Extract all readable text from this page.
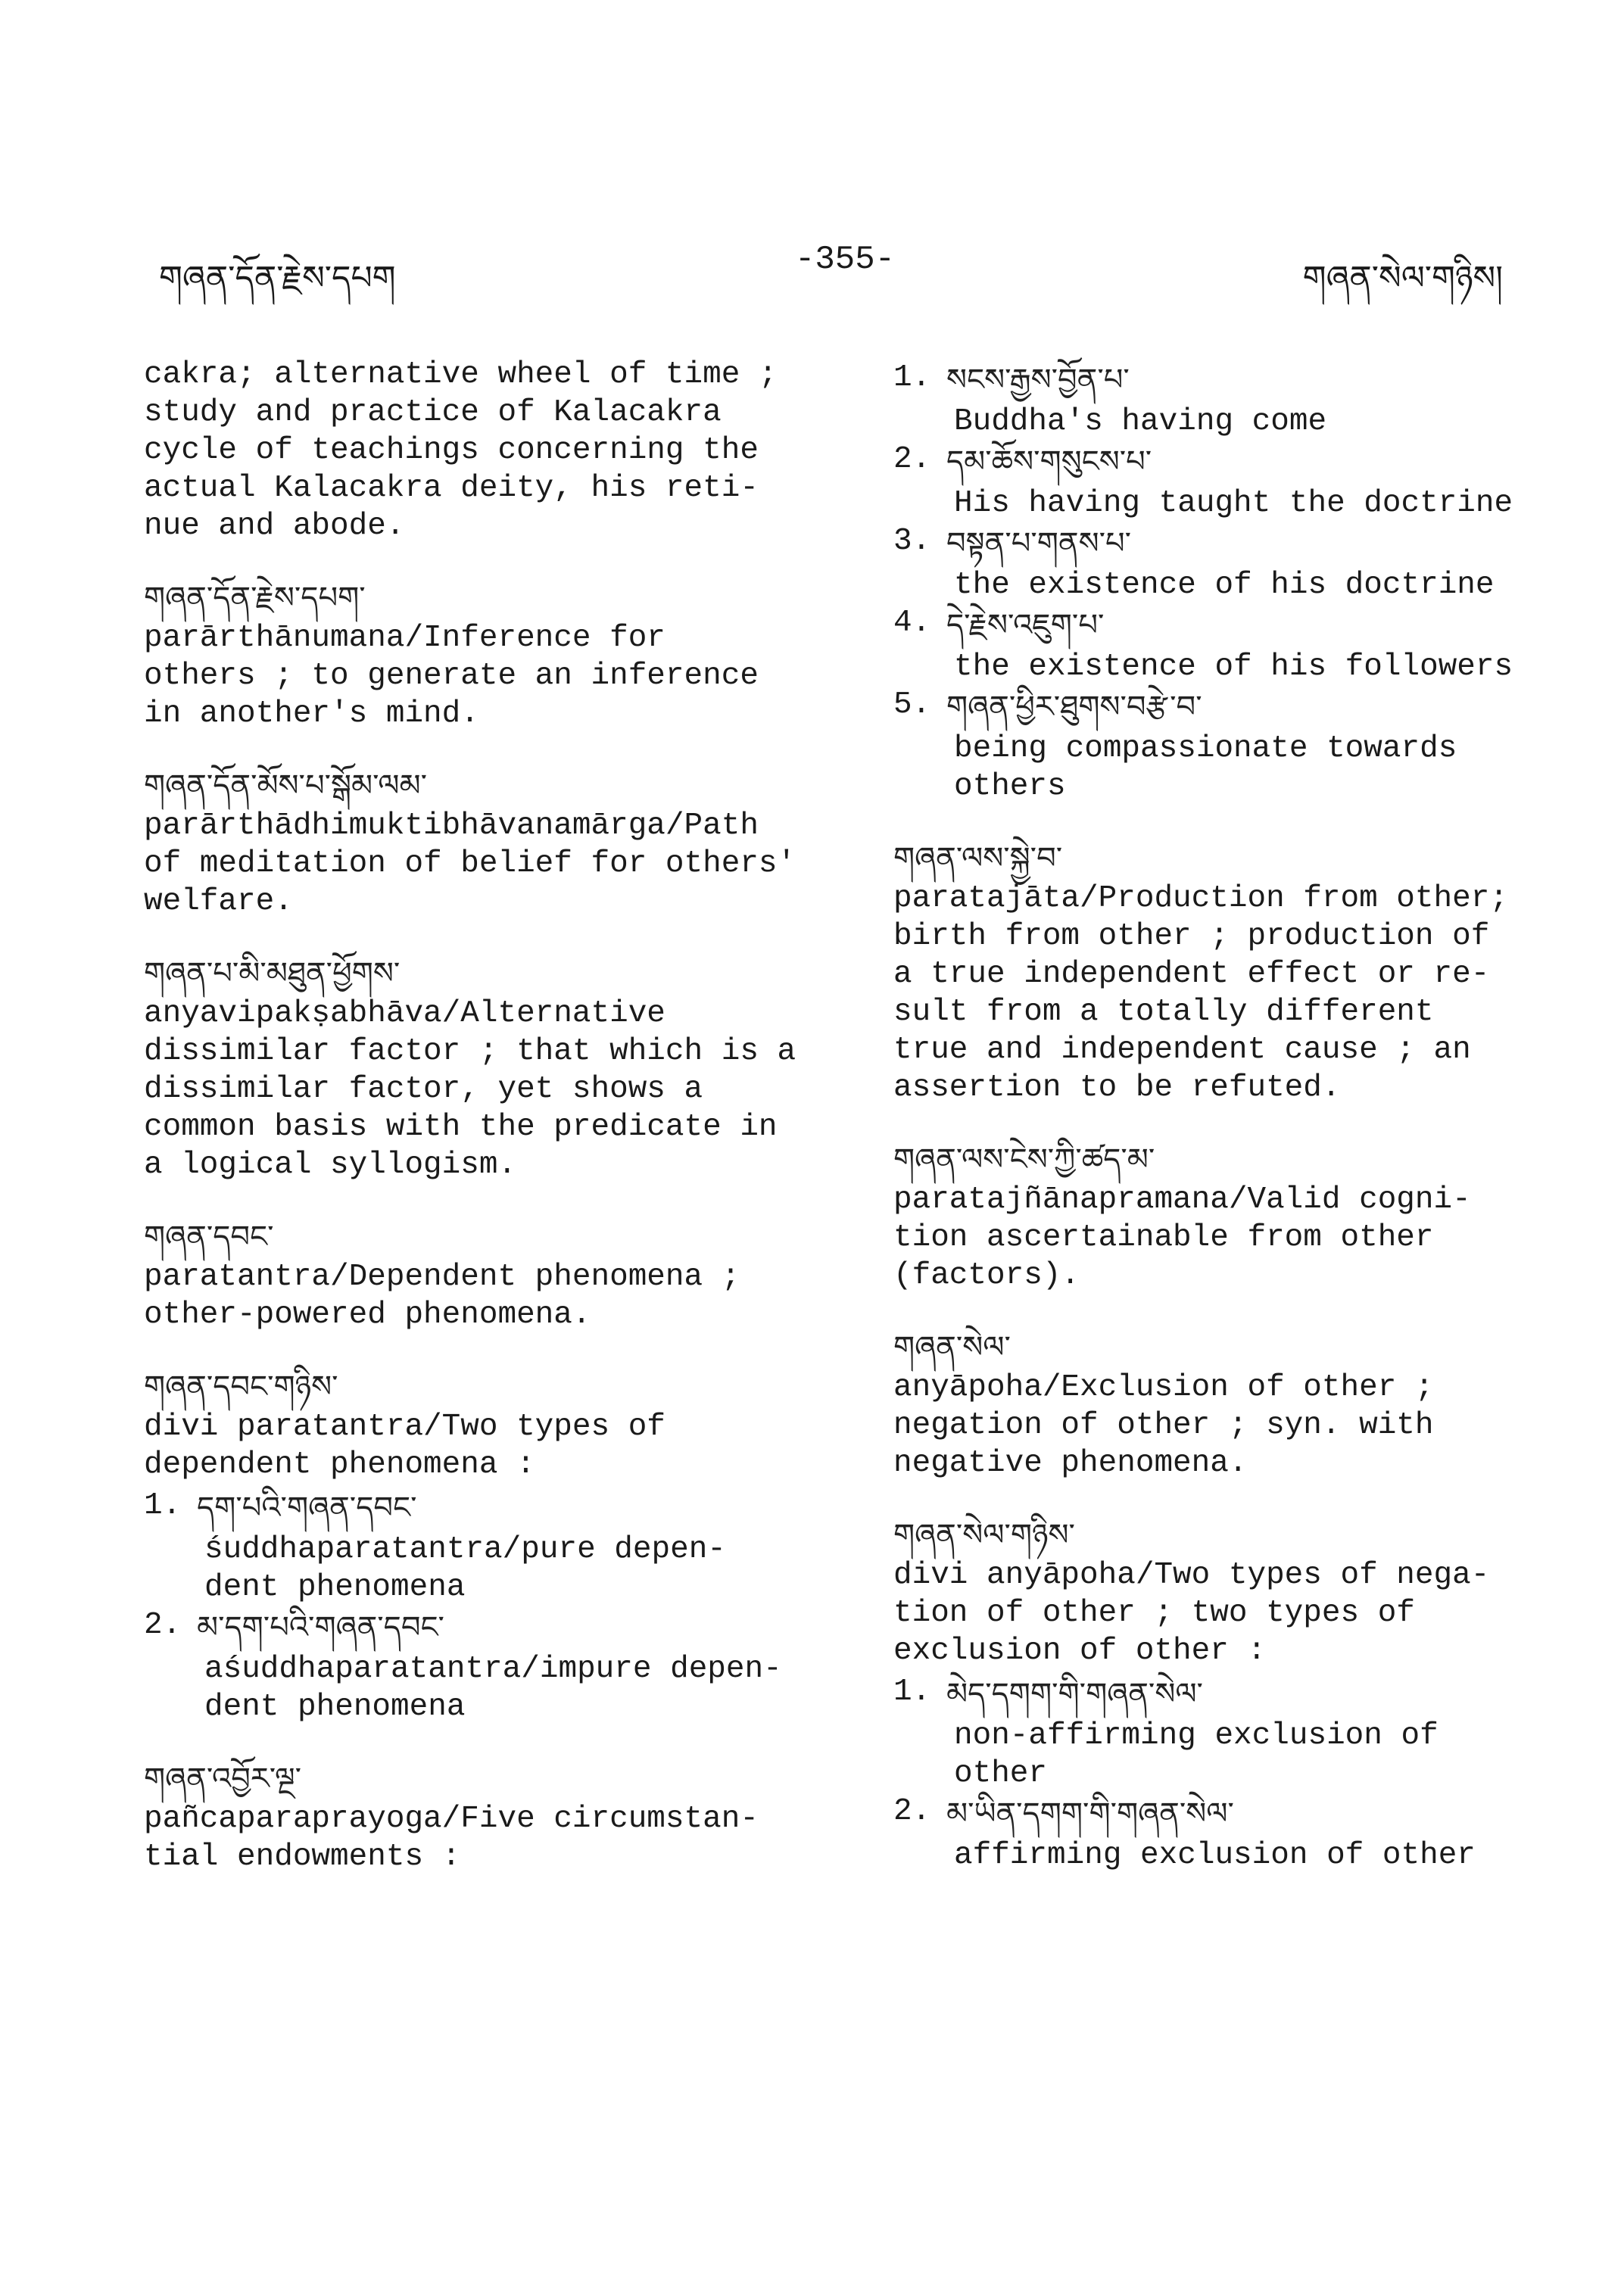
གཞན་དོན་རྗེས་དཔག	-355-	གཞན་སེལ་གཉིས།
cakra; alternative wheel of time ;
study and practice of Kalacakra
cycle of teachings concerning the
actual Kalacakra deity, his reti-
nue and abode.
གཞན་དོན་རྗེས་དཔག་
parārthānumana/Inference for
others ; to generate an inference
in another's mind.
གཞན་དོན་མོས་པ་སྒོམ་ལམ་
parārthādhimuktibhāvanamārga/Path
of meditation of belief for others'
welfare.
གཞན་པ་མི་མཐུན་ཕྱོགས་
anyavipakṣabhāva/Alternative
dissimilar factor ; that which is a
dissimilar factor, yet shows a
common basis with the predicate in
a logical syllogism.
གཞན་དབང་
paratantra/Dependent phenomena ;
other-powered phenomena.
གཞན་དབང་གཉིས་
divi paratantra/Two types of
dependent phenomena :
1. དག་པའི་གཞན་དབང་
śuddhaparatantra/pure depen-
dent phenomena
2. མ་དག་པའི་གཞན་དབང་
aśuddhaparatantra/impure depen-
dent phenomena
གཞན་འབྱོར་ལྔ་
pañcaparaprayoga/Five circumstan-
tial endowments :
1. སངས་རྒྱས་བྱོན་པ་
Buddha's having come
2. དམ་ཆོས་གསུངས་པ་
His having taught the doctrine
3. བསྟན་པ་གནས་པ་
the existence of his doctrine
4. དེ་རྗེས་འཇུག་པ་
the existence of his followers
5. གཞན་ཕྱིར་ཐུགས་བརྩེ་བ་
being compassionate towards
others
གཞན་ལས་སྐྱེ་བ་
paratajāta/Production from other;
birth from other ; production of
a true independent effect or re-
sult from a totally different
true and independent cause ; an
assertion to be refuted.
གཞན་ལས་ངེས་ཀྱི་ཚད་མ་
paratajñānapramana/Valid cogni-
tion ascertainable from other
(factors).
གཞན་སེལ་
anyāpoha/Exclusion of other ;
negation of other ; syn. with
negative phenomena.
གཞན་སེལ་གཉིས་
divi anyāpoha/Two types of nega-
tion of other ; two types of
exclusion of other :
1. མེད་དགག་གི་གཞན་སེལ་
non-affirming exclusion of
other
2. མ་ཡིན་དགག་གི་གཞན་སེལ་
affirming exclusion of other
